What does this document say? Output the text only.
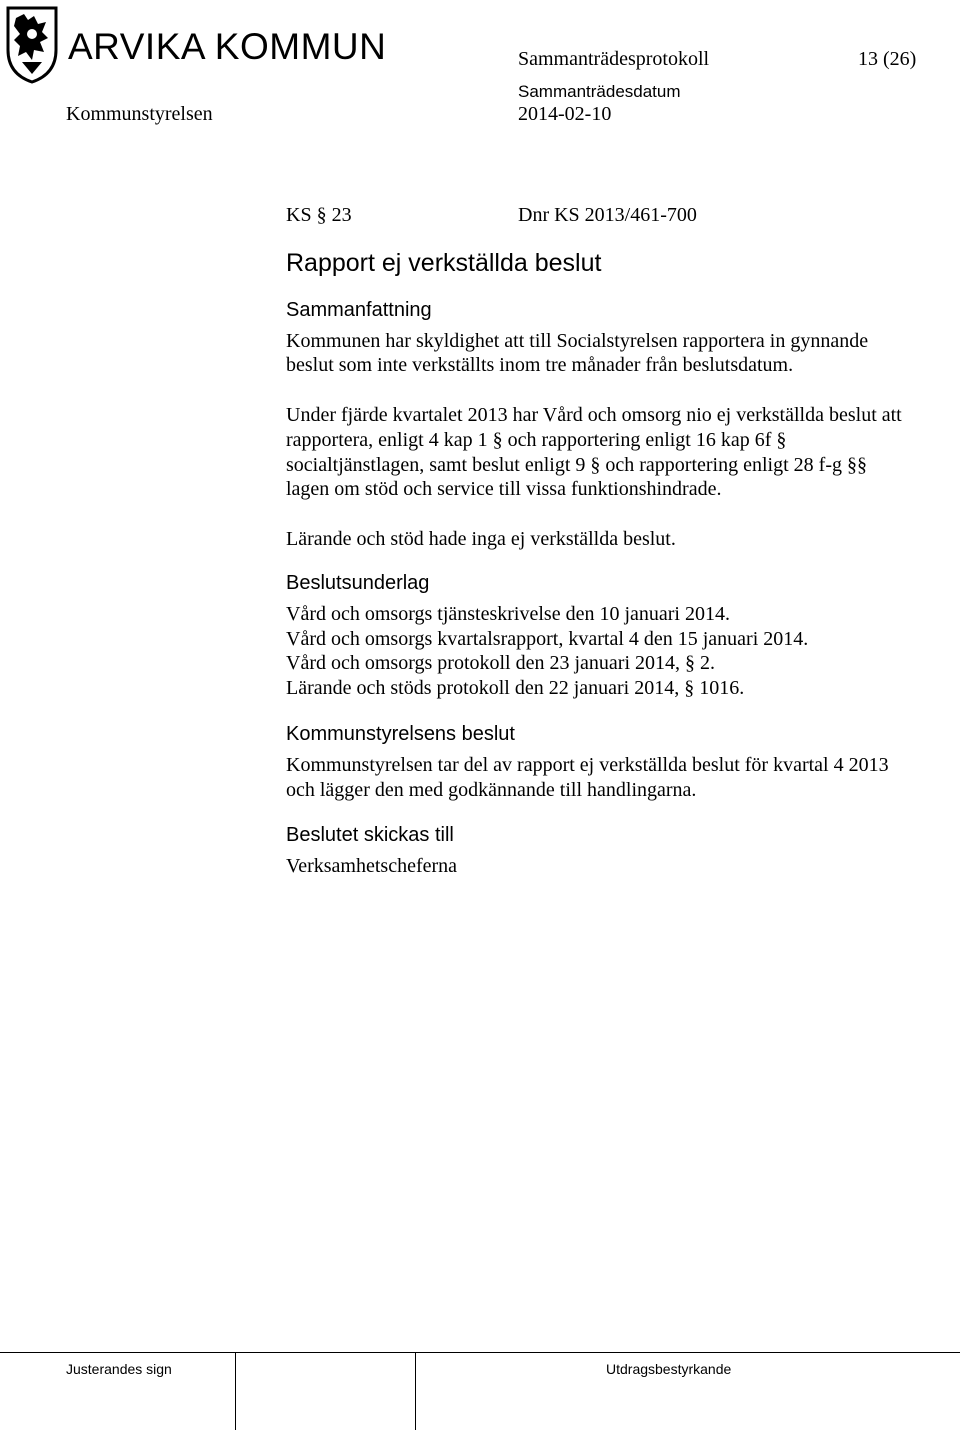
ARVIKA KOMMUN	Sammanträdesprotokoll	13 (26)
Kommunstyrelsen
Sammanträdesdatum
2014-02-10
KS § 23	Dnr KS 2013/461-700
Rapport ej verkställda beslut
Sammanfattning
Kommunen har skyldighet att till Socialstyrelsen rapportera in gynnande
beslut som inte verkställts inom tre månader från beslutsdatum.
Under fjärde kvartalet 2013 har Vård och omsorg nio ej verkställda beslut att
rapportera, enligt 4 kap 1 § och rapportering enligt 16 kap 6f §
socialtjänstlagen, samt beslut enligt 9 § och rapportering enligt 28 f-g §§
lagen om stöd och service till vissa funktionshindrade.
Lärande och stöd hade inga ej verkställda beslut.
Beslutsunderlag
Vård och omsorgs tjänsteskrivelse den 10 januari 2014.
Vård och omsorgs kvartalsrapport, kvartal 4 den 15 januari 2014.
Vård och omsorgs protokoll den 23 januari 2014, § 2.
Lärande och stöds protokoll den 22 januari 2014, § 1016.
Kommunstyrelsens beslut
Kommunstyrelsen tar del av rapport ej verkställda beslut för kvartal 4 2013
och lägger den med godkännande till handlingarna.
Beslutet skickas till
Verksamhetscheferna
Justerandes sign	Utdragsbestyrkande
